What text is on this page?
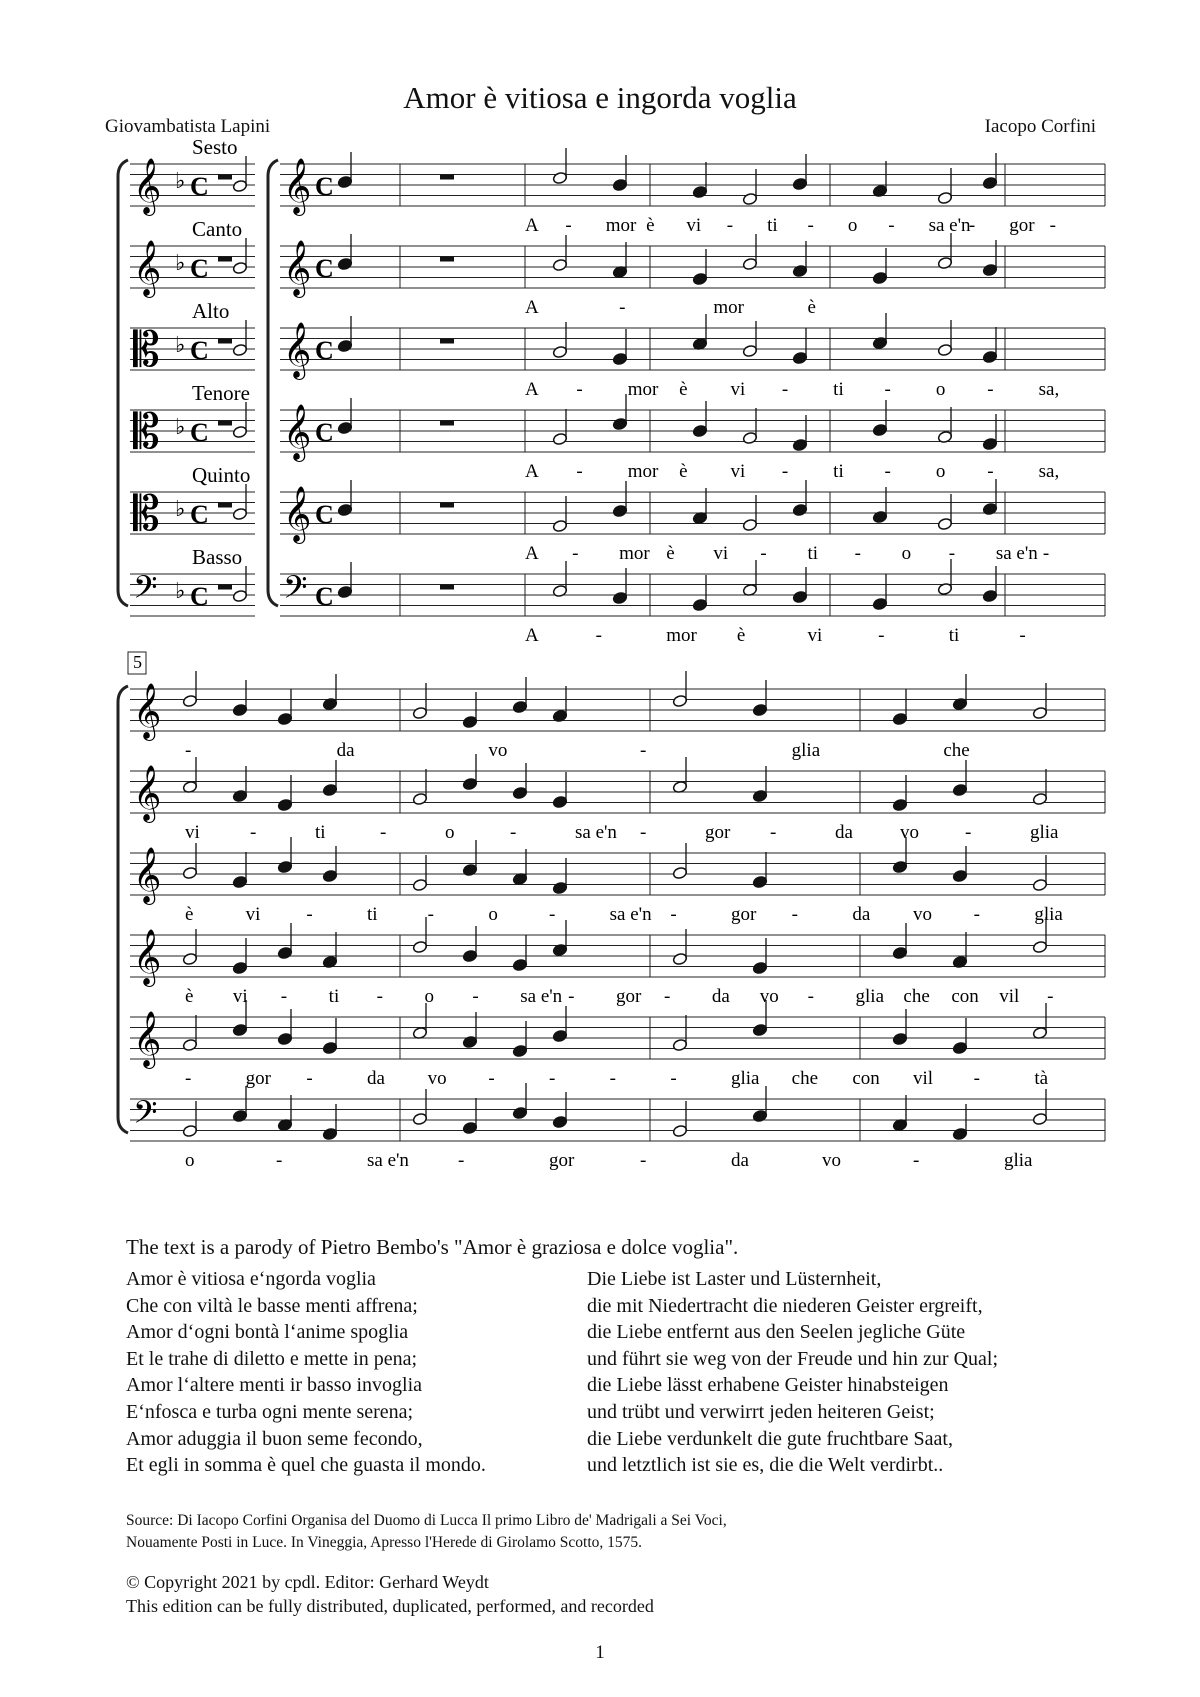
Amor è vitiosa e ingorda voglia
Giovambatista Lapini	Iacopo Corfini
Sesto
𝄞 ♭ C
Canto
𝄞 ♭ C
Alto
𝄡 ♭ C
Tenore
𝄡 ♭ C
Quinto
𝄡 ♭ C
Basso
𝄢 ♭ C
𝄞 C
A - mor è vi - ti - o - sa e'n
- gor -
𝄞 C
A	-	mor	è
𝄞 C
A - mor è vi - ti - o - sa,
𝄞 C
A - mor è vi - ti - o - sa,
𝄞 C
A - mor è vi - ti - o - sa e'n -
𝄢 C
A	-	mor è	vi	-	ti	-
5
𝄞
-	da	vo	-	glia	che
𝄞
vi	-	ti	-	o	-	sa e'n -	gor -	da vo -	glia
𝄞
è	vi -	ti	-	o	-	sa e'n -	gor -	da vo -	glia
𝄞
è vi - ti - o - sa e'n - gor - da vo - glia che con vil -
𝄞
-	gor -	da vo -	-	-	-	glia che con vil -	tà
𝄢
o	-	sa e'n	-	gor	-	da	vo	-	glia
The text is a parody of Pietro Bembo's "Amor è graziosa e dolce voglia".
Amor è vitiosa e‘ngorda voglia
Che con viltà le basse menti affrena;
Amor d‘ogni bontà l‘anime spoglia
Et le trahe di diletto e mette in pena;
Amor l‘altere menti ir basso invoglia
E‘nfosca e turba ogni mente serena;
Amor aduggia il buon seme fecondo,
Et egli in somma è quel che guasta il mondo.
Die Liebe ist Laster und Lüsternheit,
die mit Niedertracht die niederen Geister ergreift,
die Liebe entfernt aus den Seelen jegliche Güte
und führt sie weg von der Freude und hin zur Qual;
die Liebe lässt erhabene Geister hinabsteigen
und trübt und verwirrt jeden heiteren Geist;
die Liebe verdunkelt die gute fruchtbare Saat,
und letztlich ist sie es, die die Welt verdirbt..
Source: Di Iacopo Corfini Organisa del Duomo di Lucca Il primo Libro de' Madrigali a Sei Voci,
Nouamente Posti in Luce. In Vineggia, Apresso l'Herede di Girolamo Scotto, 1575.
© Copyright 2021 by cpdl. Editor: Gerhard Weydt
This edition can be fully distributed, duplicated, performed, and recorded
1
